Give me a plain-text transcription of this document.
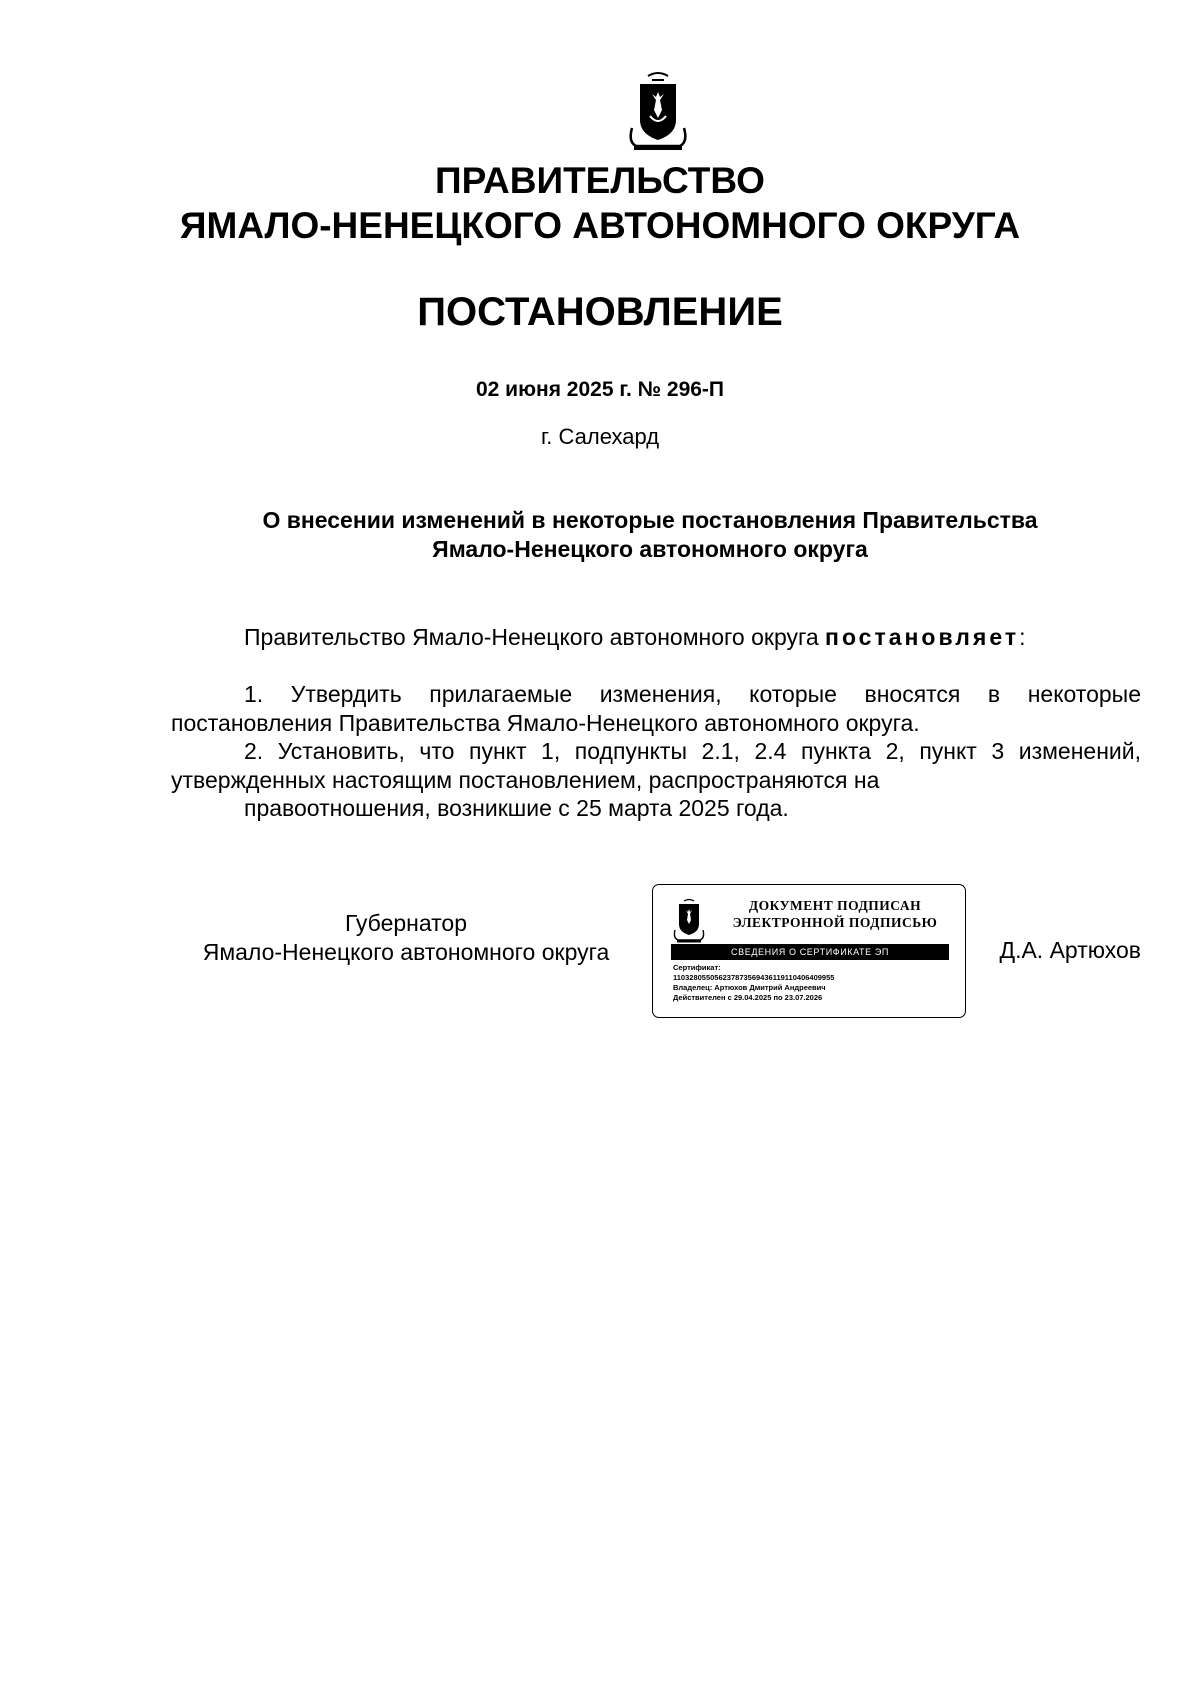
ПРАВИТЕЛЬСТВО
ЯМАЛО-НЕНЕЦКОГО АВТОНОМНОГО ОКРУГА
ПОСТАНОВЛЕНИЕ
02 июня 2025 г. № 296-П
г. Салехард
О внесении изменений в некоторые постановления Правительства
Ямало-Ненецкого автономного округа
Правительство Ямало-Ненецкого автономного округа постановляет:
1. Утвердить прилагаемые изменения, которые вносятся в некоторые постановления Правительства Ямало-Ненецкого автономного округа.
2. Установить, что пункт 1, подпункты 2.1, 2.4 пункта 2, пункт 3 изменений, утвержденных настоящим постановлением, распространяются на
правоотношения, возникшие с 25 марта 2025 года.
Губернатор
Ямало-Ненецкого автономного округа
ДОКУМЕНТ ПОДПИСАН
ЭЛЕКТРОННОЙ ПОДПИСЬЮ
СВЕДЕНИЯ О СЕРТИФИКАТЕ ЭП
Сертификат:
1103280550562378735694361191104064099​55
Владелец: Артюхов Дмитрий Андреевич
Действителен с 29.04.2025 по 23.07.2026
Д.А. Артюхов
